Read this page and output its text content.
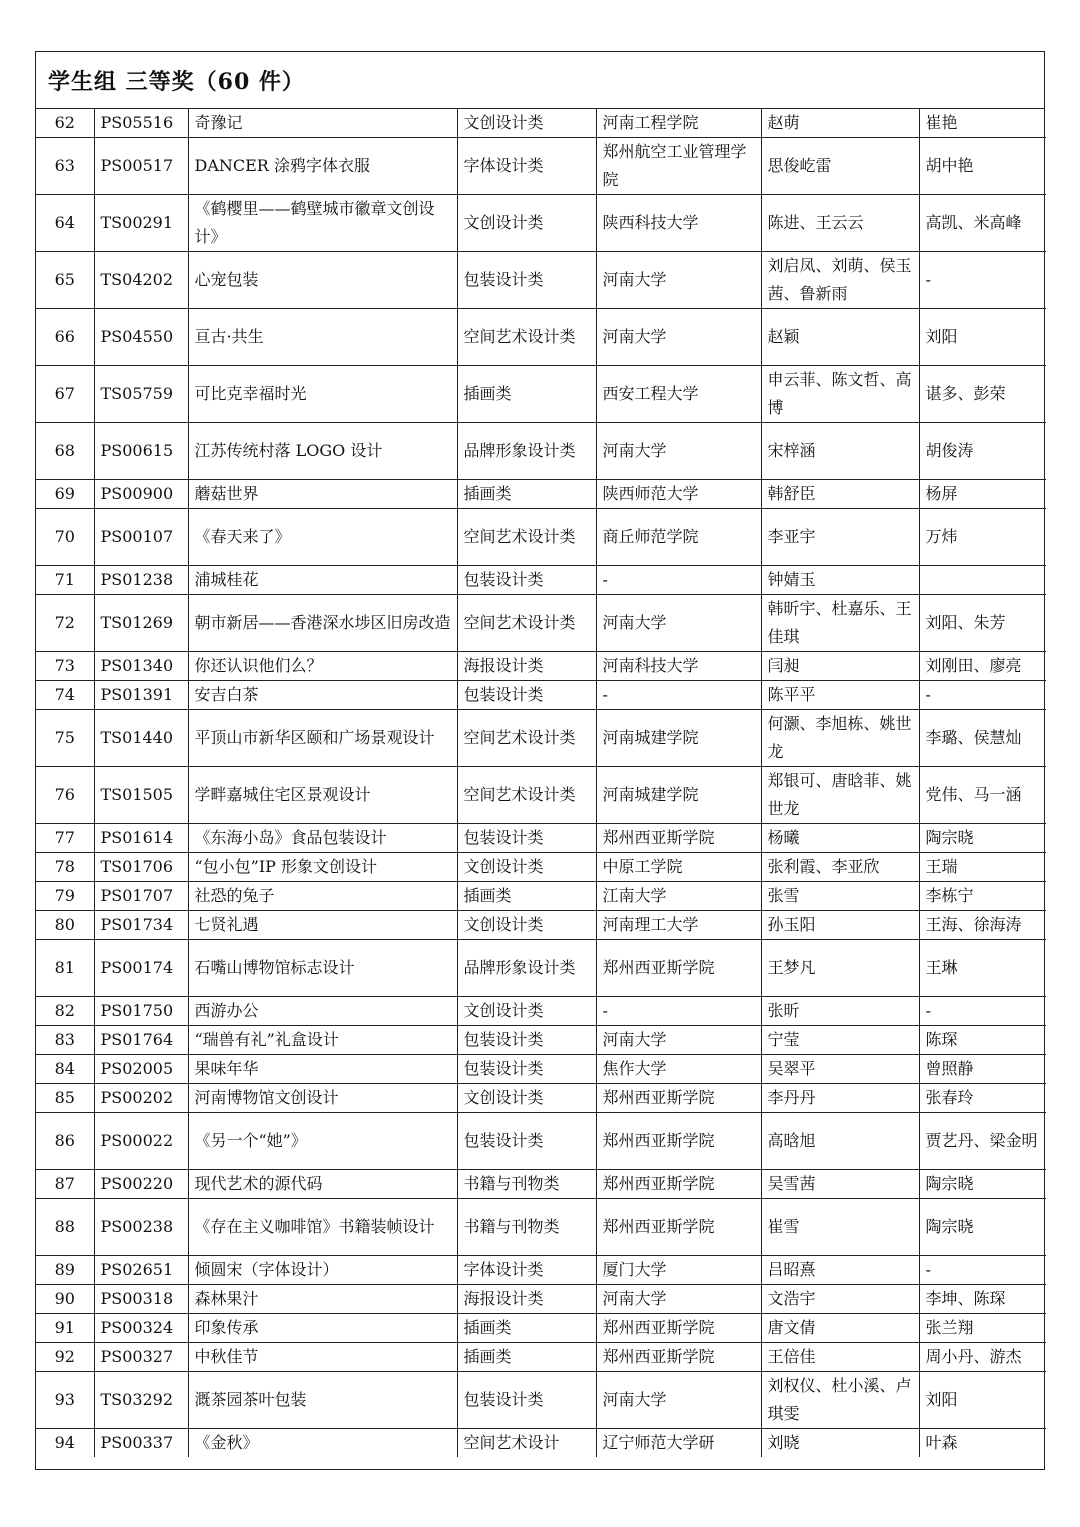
学生组 三等奖（60 件）
62	PS05516	奇豫记	文创设计类	河南工程学院	赵萌	崔艳
63	PS00517	DANCER 涂鸦字体衣服	字体设计类	郑州航空工业管理学院	思俊屹雷	胡中艳
64	TS00291	《鹤樱里——鹤壁城市徽章文创设计》	文创设计类	陕西科技大学	陈进、王云云	高凯、米高峰
65	TS04202	心宠包装	包装设计类	河南大学	刘启凤、刘萌、侯玉茜、鲁新雨	-
66	PS04550	亘古·共生	空间艺术设计类	河南大学	赵颖	刘阳
67	TS05759	可比克幸福时光	插画类	西安工程大学	申云菲、陈文哲、高博	谌多、彭荣
68	PS00615	江苏传统村落 LOGO 设计	品牌形象设计类	河南大学	宋梓涵	胡俊涛
69	PS00900	蘑菇世界	插画类	陕西师范大学	韩舒臣	杨屏
70	PS00107	《春天来了》	空间艺术设计类	商丘师范学院	李亚宇	万炜
71	PS01238	浦城桂花	包装设计类	-	钟婧玉	
72	TS01269	朝市新居——香港深水埗区旧房改造	空间艺术设计类	河南大学	韩昕宇、杜嘉乐、王佳琪	刘阳、朱芳
73	PS01340	你还认识他们么？	海报设计类	河南科技大学	闫昶	刘刚田、廖亮
74	PS01391	安吉白茶	包装设计类	-	陈平平	-
75	TS01440	平顶山市新华区颐和广场景观设计	空间艺术设计类	河南城建学院	何灏、李旭栋、姚世龙	李璐、侯慧灿
76	TS01505	学畔嘉城住宅区景观设计	空间艺术设计类	河南城建学院	郑银可、唐晗菲、姚世龙	党伟、马一涵
77	PS01614	《东海小岛》食品包装设计	包装设计类	郑州西亚斯学院	杨曦	陶宗晓
78	TS01706	“包小包”IP 形象文创设计	文创设计类	中原工学院	张利霞、李亚欣	王瑞
79	PS01707	社恐的兔子	插画类	江南大学	张雪	李栋宁
80	PS01734	七贤礼遇	文创设计类	河南理工大学	孙玉阳	王海、徐海涛
81	PS00174	石嘴山博物馆标志设计	品牌形象设计类	郑州西亚斯学院	王梦凡	王琳
82	PS01750	西游办公	文创设计类	-	张昕	-
83	PS01764	“瑞兽有礼”礼盒设计	包装设计类	河南大学	宁莹	陈琛
84	PS02005	果味年华	包装设计类	焦作大学	吴翠平	曾照静
85	PS00202	河南博物馆文创设计	文创设计类	郑州西亚斯学院	李丹丹	张春玲
86	PS00022	《另一个“她”》	包装设计类	郑州西亚斯学院	高晗旭	贾艺丹、梁金明
87	PS00220	现代艺术的源代码	书籍与刊物类	郑州西亚斯学院	吴雪茜	陶宗晓
88	PS00238	《存在主义咖啡馆》书籍装帧设计	书籍与刊物类	郑州西亚斯学院	崔雪	陶宗晓
89	PS02651	倾圆宋（字体设计）	字体设计类	厦门大学	吕昭熹	-
90	PS00318	森林果汁	海报设计类	河南大学	文浩宇	李坤、陈琛
91	PS00324	印象传承	插画类	郑州西亚斯学院	唐文倩	张兰翔
92	PS00327	中秋佳节	插画类	郑州西亚斯学院	王倍佳	周小丹、游杰
93	TS03292	溉茶园茶叶包装	包装设计类	河南大学	刘权仪、杜小溪、卢琪雯	刘阳
94	PS00337	《金秋》	空间艺术设计	辽宁师范大学研	刘晓	叶森
